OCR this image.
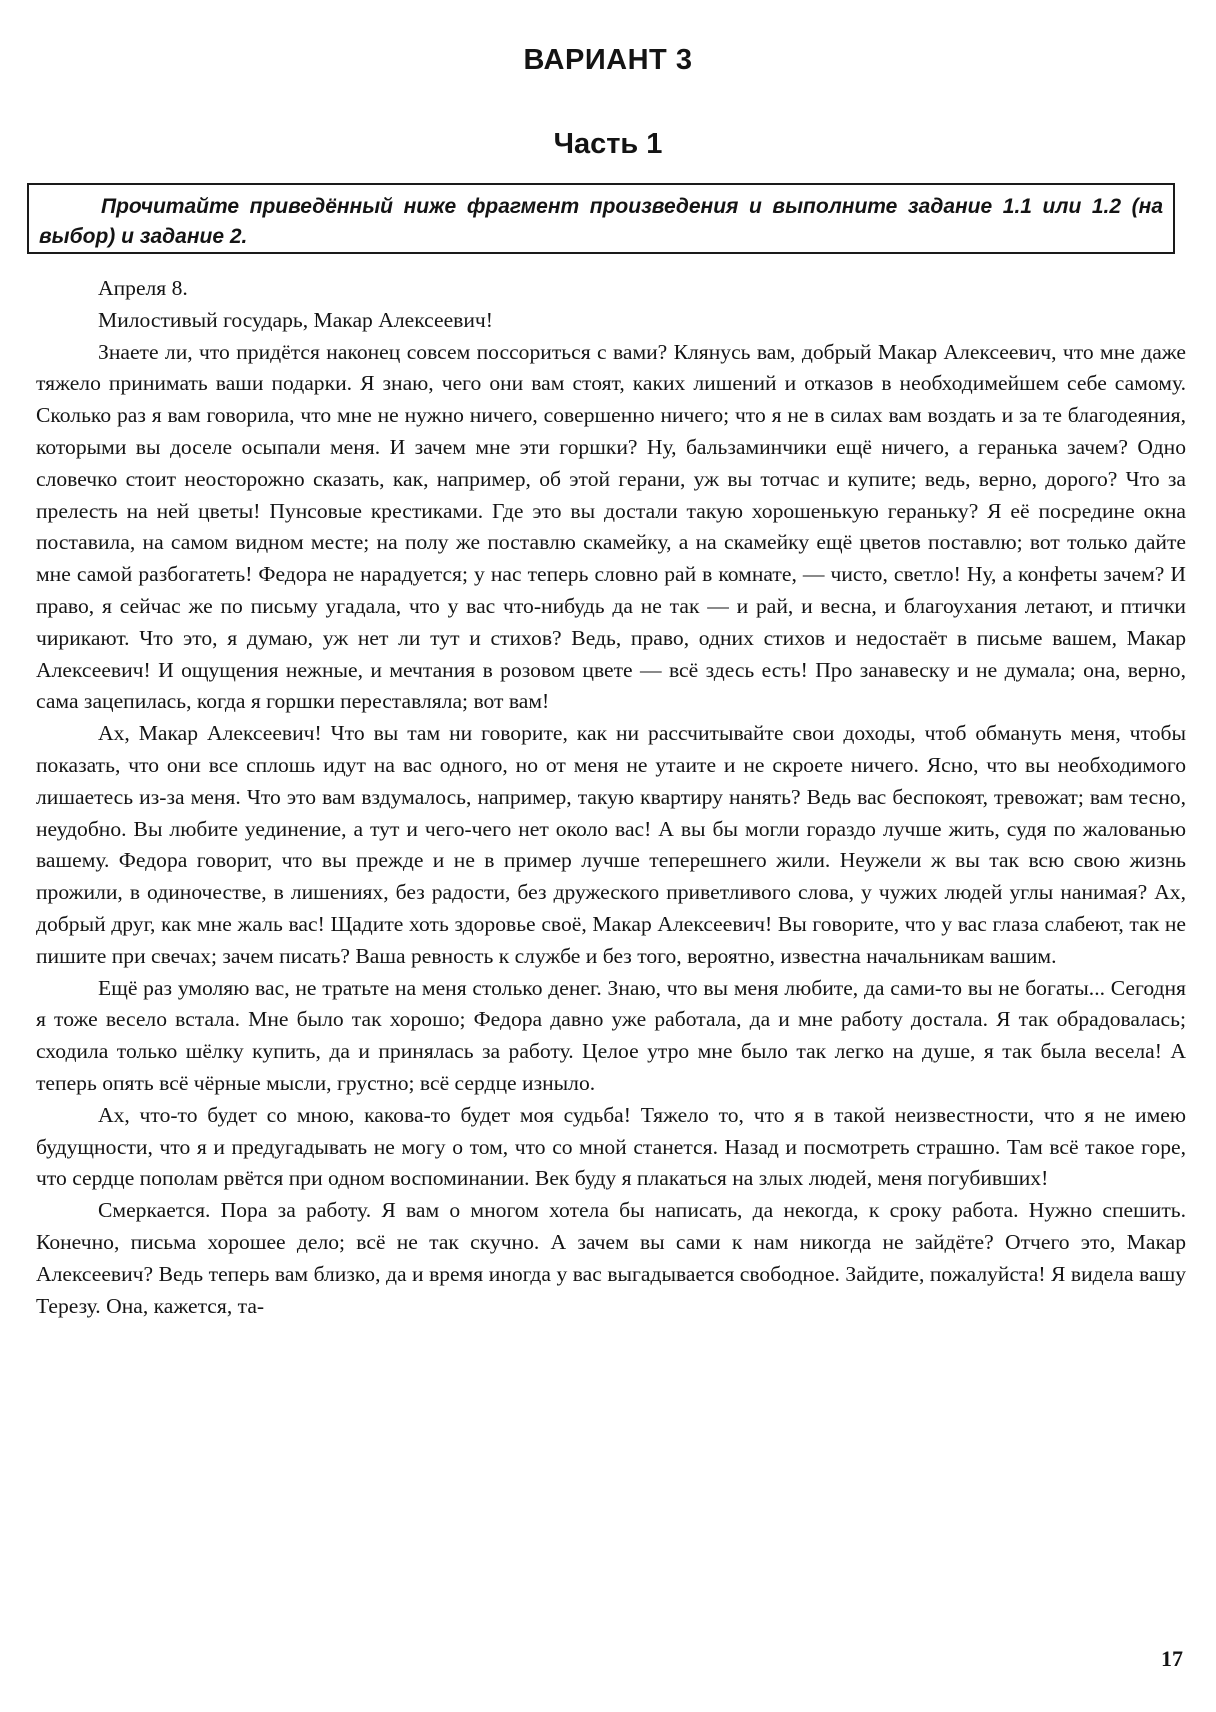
ВАРИАНТ 3
Часть 1
Прочитайте приведённый ниже фрагмент произведения и выполните задание 1.1 или 1.2 (на выбор) и задание 2.

Апреля 8.

Милостивый государь, Макар Алексеевич!

Знаете ли, что придётся наконец совсем поссориться с вами? Клянусь вам, добрый Макар Алексеевич, что мне даже тяжело принимать ваши подарки. Я знаю, чего они вам стоят, каких лишений и отказов в необходимейшем себе самому. Сколько раз я вам говорила, что мне не нужно ничего, совершенно ничего; что я не в силах вам воздать и за те благодеяния, которыми вы доселе осыпали меня. И зачем мне эти горшки? Ну, бальзаминчики ещё ничего, а геранька зачем? Одно словечко стоит неосторожно сказать, как, например, об этой герани, уж вы тотчас и купите; ведь, верно, дорого? Что за прелесть на ней цветы! Пунсовые крестиками. Где это вы достали такую хорошенькую гераньку? Я её посредине окна поставила, на самом видном месте; на полу же поставлю скамейку, а на скамейку ещё цветов поставлю; вот только дайте мне самой разбогатеть! Федора не нарадуется; у нас теперь словно рай в комнате, — чисто, светло! Ну, а конфеты зачем? И право, я сейчас же по письму угадала, что у вас что-нибудь да не так — и рай, и весна, и благоухания летают, и птички чирикают. Что это, я думаю, уж нет ли тут и стихов? Ведь, право, одних стихов и недостаёт в письме вашем, Макар Алексеевич! И ощущения нежные, и мечтания в розовом цвете — всё здесь есть! Про занавеску и не думала; она, верно, сама зацепилась, когда я горшки переставляла; вот вам!

Ах, Макар Алексеевич! Что вы там ни говорите, как ни рассчитывайте свои доходы, чтоб обмануть меня, чтобы показать, что они все сплошь идут на вас одного, но от меня не утаите и не скроете ничего. Ясно, что вы необходимого лишаетесь из-за меня. Что это вам вздумалось, например, такую квартиру нанять? Ведь вас беспокоят, тревожат; вам тесно, неудобно. Вы любите уединение, а тут и чего-чего нет около вас! А вы бы могли гораздо лучше жить, судя по жалованью вашему. Федора говорит, что вы прежде и не в пример лучше теперешнего жили. Неужели ж вы так всю свою жизнь прожили, в одиночестве, в лишениях, без радости, без дружеского приветливого слова, у чужих людей углы нанимая? Ах, добрый друг, как мне жаль вас! Щадите хоть здоровье своё, Макар Алексеевич! Вы говорите, что у вас глаза слабеют, так не пишите при свечах; зачем писать? Ваша ревность к службе и без того, вероятно, известна начальникам вашим.

Ещё раз умоляю вас, не тратьте на меня столько денег. Знаю, что вы меня любите, да сами-то вы не богаты... Сегодня я тоже весело встала. Мне было так хорошо; Федора давно уже работала, да и мне работу достала. Я так обрадовалась; сходила только шёлку купить, да и принялась за работу. Целое утро мне было так легко на душе, я так была весела! А теперь опять всё чёрные мысли, грустно; всё сердце изныло.

Ах, что-то будет со мною, какова-то будет моя судьба! Тяжело то, что я в такой неизвестности, что я не имею будущности, что я и предугадывать не могу о том, что со мной станется. Назад и посмотреть страшно. Там всё такое горе, что сердце пополам рвётся при одном воспоминании. Век буду я плакаться на злых людей, меня погубивших!

Смеркается. Пора за работу. Я вам о многом хотела бы написать, да некогда, к сроку работа. Нужно спешить. Конечно, письма хорошее дело; всё не так скучно. А зачем вы сами к нам никогда не зайдёте? Отчего это, Макар Алексеевич? Ведь теперь вам близко, да и время иногда у вас выгадывается свободное. Зайдите, пожалуйста! Я видела вашу Терезу. Она, кажется, та-

17
